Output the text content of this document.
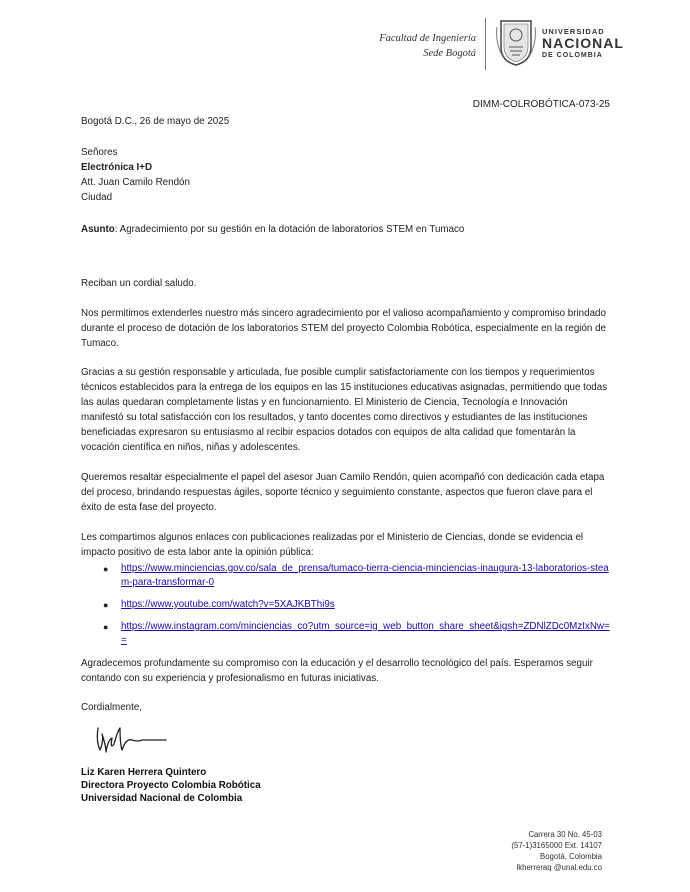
Facultad de Ingeniería
Sede Bogotá
UNIVERSIDAD
NACIONAL
DE COLOMBIA
DIMM-COLROBÓTICA-073-25
Bogotá D.C., 26 de mayo de 2025
Señores
Electrónica I+D
Att. Juan Camilo Rendón
Ciudad
Asunto: Agradecimiento por su gestión en la dotación de laboratorios STEM en Tumaco

Reciban un cordial saludo.

Nos permitimos extenderles nuestro más sincero agradecimiento por el valioso acompañamiento y compromiso brindado durante el proceso de dotación de los laboratorios STEM del proyecto Colombia Robótica, especialmente en la región de Tumaco.

Gracias a su gestión responsable y articulada, fue posible cumplir satisfactoriamente con los tiempos y requerimientos técnicos establecidos para la entrega de los equipos en las 15 instituciones educativas asignadas, permitiendo que todas las aulas quedaran completamente listas y en funcionamiento. El Ministerio de Ciencia, Tecnología e Innovación manifestó su total satisfacción con los resultados, y tanto docentes como directivos y estudiantes de las instituciones beneficiadas expresaron su entusiasmo al recibir espacios dotados con equipos de alta calidad que fomentarán la vocación científica en niños, niñas y adolescentes.

Queremos resaltar especialmente el papel del asesor Juan Camilo Rendón, quien acompañó con dedicación cada etapa del proceso, brindando respuestas ágiles, soporte técnico y seguimiento constante, aspectos que fueron clave para el éxito de esta fase del proyecto.

Les compartimos algunos enlaces con publicaciones realizadas por el Ministerio de Ciencias, donde se evidencia el impacto positivo de esta labor ante la opinión pública:

● https://www.minciencias.gov.co/sala_de_prensa/tumaco-tierra-ciencia-minciencias-inaugura-13-laboratorios-steam-para-transformar-0
● https://www.youtube.com/watch?v=5XAJKBThi9s
● https://www.instagram.com/minciencias_co?utm_source=ig_web_button_share_sheet&igsh=ZDNlZDc0MzIxNw==

Agradecemos profundamente su compromiso con la educación y el desarrollo tecnológico del país. Esperamos seguir contando con su experiencia y profesionalismo en futuras iniciativas.

Cordialmente,

Liz Karen Herrera Quintero
Directora Proyecto Colombia Robótica
Universidad Nacional de Colombia
Carrera 30 No. 45-03
(57-1)3165000 Ext. 14107
Bogotá, Colombia
lkherreraq @unal.edu.co
